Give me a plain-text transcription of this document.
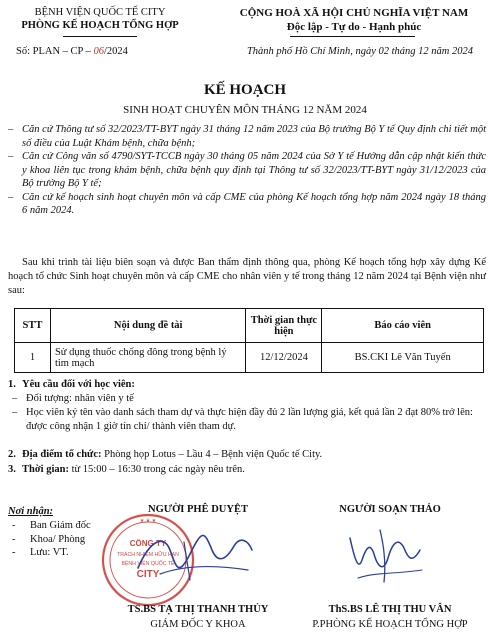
BỆNH VIỆN QUỐC TẾ CITY
PHÒNG KẾ HOẠCH TỔNG HỢP
CỘNG HOÀ XÃ HỘI CHỦ NGHĨA VIỆT NAM
Độc lập - Tự do - Hạnh phúc
Số: PLAN – CP – 06/2024	Thành phố Hồ Chí Minh, ngày 02 tháng 12 năm 2024
KẾ HOẠCH
SINH HOẠT CHUYÊN MÔN THÁNG 12 NĂM 2024
– Căn cứ Thông tư số 32/2023/TT-BYT ngày 31 tháng 12 năm 2023 của Bộ trưởng Bộ Y tế Quy định chi tiết một số điều của Luật Khám bệnh, chữa bệnh;
– Căn cứ Công văn số 4790/SYT-TCCB ngày 30 tháng 05 năm 2024 của Sở Y tế Hướng dẫn cập nhật kiến thức y khoa liên tục trong khám bệnh, chữa bệnh quy định tại Thông tư số 32/2023/TT-BYT ngày 31/12/2023 của Bộ trưởng Bộ Y tế;
– Căn cứ kế hoạch sinh hoạt chuyên môn và cấp CME của phòng Kế hoạch tổng hợp năm 2024 ngày 18 tháng 6 năm 2024.
Sau khi trình tài liệu biên soạn và được Ban thẩm định thông qua, phòng Kế hoạch tổng hợp xây dựng Kế hoạch tổ chức Sinh hoạt chuyên môn và cấp CME cho nhân viên y tế trong tháng 12 năm 2024 tại Bệnh viện như sau:
STT	Nội dung đề tài	Thời gian thực hiện	Báo cáo viên
1	Sử dụng thuốc chống đông trong bệnh lý tim mạch	12/12/2024	BS.CKI Lê Văn Tuyến
1. Yêu cầu đối với học viên:
– Đối tượng: nhân viên y tế
– Học viên ký tên vào danh sách tham dự và thực hiện đầy đủ 2 lần lượng giá, kết quả lần 2 đạt 80% trở lên: được công nhận 1 giờ tín chỉ/ thành viên tham dự.
2. Địa điểm tổ chức: Phòng họp Lotus – Lầu 4 – Bệnh viện Quốc tế City.
3. Thời gian: từ 15:00 – 16:30 trong các ngày nêu trên.
Nơi nhận:
- Ban Giám đốc
- Khoa/ Phòng
- Lưu: VT.
NGƯỜI PHÊ DUYỆT	NGƯỜI SOẠN THẢO
★ ★ ★
CÔNG TY
TRÁCH NHIỆM HỮU HẠN
BỆNH VIỆN QUỐC TẾ
CITY
TS.BS TẠ THỊ THANH THỦY
GIÁM ĐỐC Y KHOA
ThS.BS LÊ THỊ THU VÂN
P.PHÒNG KẾ HOẠCH TỔNG HỢP
